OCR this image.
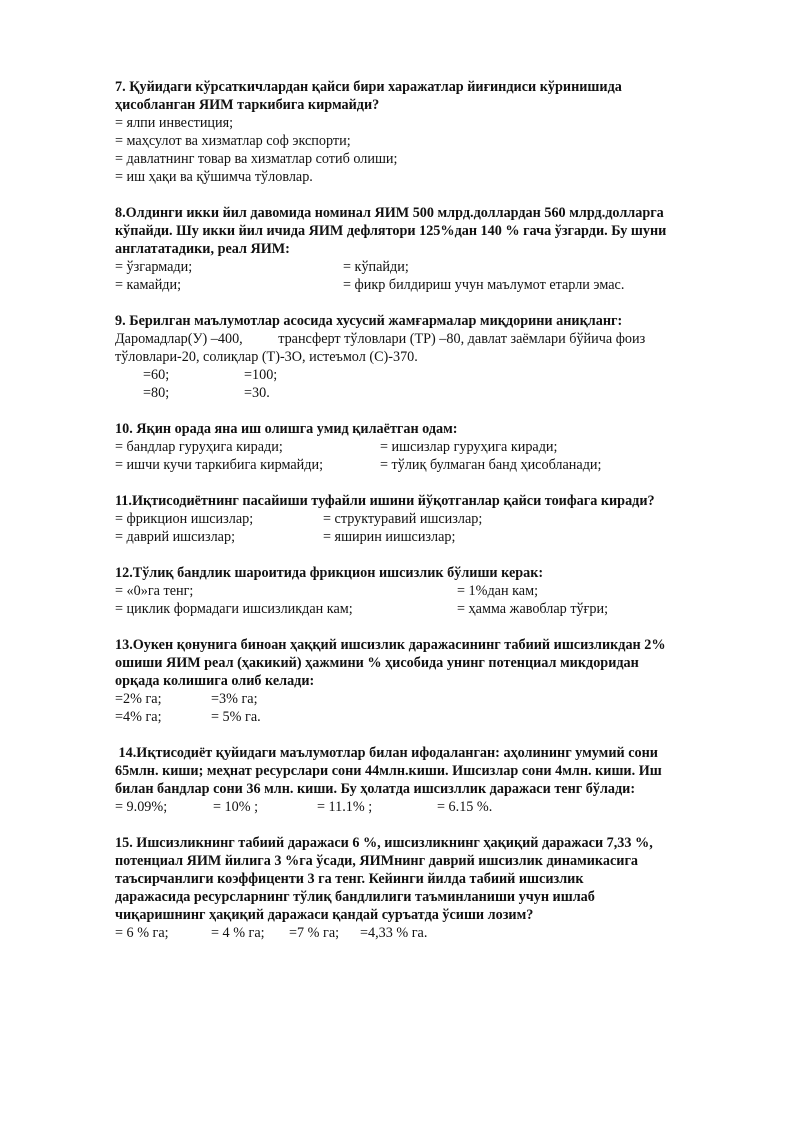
7. Қуйидаги кўрсаткичлардан қайси бири харажатлар йиғиндиси кўринишида
ҳисобланган ЯИМ таркибига кирмайди?
= ялпи инвестиция;
= маҳсулот ва хизматлар соф экспорти;
= давлатнинг товар ва хизматлар сотиб олиши;
= иш ҳақи ва қўшимча тўловлар.
8.Олдинги икки йил давомида номинал ЯИМ 500 млрд.доллардан 560 млрд.долларга
кўпайди. Шу икки йил ичида ЯИМ дефлятори 125%дан 140 % гача ўзгарди. Бу шуни
англататадики, реал ЯИМ:
= ўзгармади;	= кўпайди;
= камайди;	= фикр билдириш учун маълумот етарли эмас.
9. Берилган маълумотлар асосида хусусий жамғармалар миқдорини аниқланг:
Даромадлар(У) –400,          трансферт тўловлари (ТР) –80, давлат заёмлари бўйича фоиз
тўловлари-20, солиқлар (Т)-3О, истеъмол (С)-370.
=60;	=100;
=80;	=30.
10. Яқин орада яна иш олишга умид қилаётган одам:
= бандлар гуруҳига киради;	= ишсизлар гуруҳига киради;
= ишчи кучи таркибига кирмайди;	= тўлиқ булмаган банд ҳисобланади;
11.Иқтисодиётнинг пасайиши туфайли ишини йўқотганлар қайси тоифага киради?
= фрикцион ишсизлар;	= структуравий ишсизлар;
= даврий ишсизлар;	= яширин иишсизлар;
12.Тўлиқ бандлик шароитида фрикцион ишсизлик бўлиши керак:
= «0»га тенг;	= 1%дан кам;
= циклик формадаги ишсизликдан кам;	= ҳамма жавоблар тўғри;
13.Оукен қонунига биноан ҳаққий ишсизлик даражасининг табиий ишсизликдан 2%
ошиши ЯИМ реал (ҳакикий) ҳажмини % ҳисобида унинг потенциал микдоридан
орқада колишига олиб келади:
=2% га;	=3% га;
=4% га;	= 5% га.
14.Иқтисодиёт қуйидаги маълумотлар билан ифодаланган: аҳолининг умумий сони
65млн. киши; меҳнат ресурслари сони 44млн.киши. Ишсизлар сони 4млн. киши. Иш
билан бандлар сони 36 млн. киши. Бу ҳолатда ишсизллик даражаси тенг бўлади:
= 9.09%;	= 10% ;	= 11.1% ;	= 6.15 %.
15. Ишсизликнинг табиий даражаси 6 %, ишсизликнинг ҳақиқий даражаси 7,33 %,
потенциал ЯИМ йилига 3 %га ўсади, ЯИМнинг даврий ишсизлик динамикасига
таъсирчанлиги коэффиценти 3 га тенг. Кейинги йилда табиий ишсизлик
даражасида ресурсларнинг тўлиқ бандлилиги таъминланиши учун ишлаб
чиқаришнинг ҳақиқий даражаси қандай суръатда ўсиши лозим?
= 6 % га;	= 4 % га; =7 % га; =4,33 % га.
